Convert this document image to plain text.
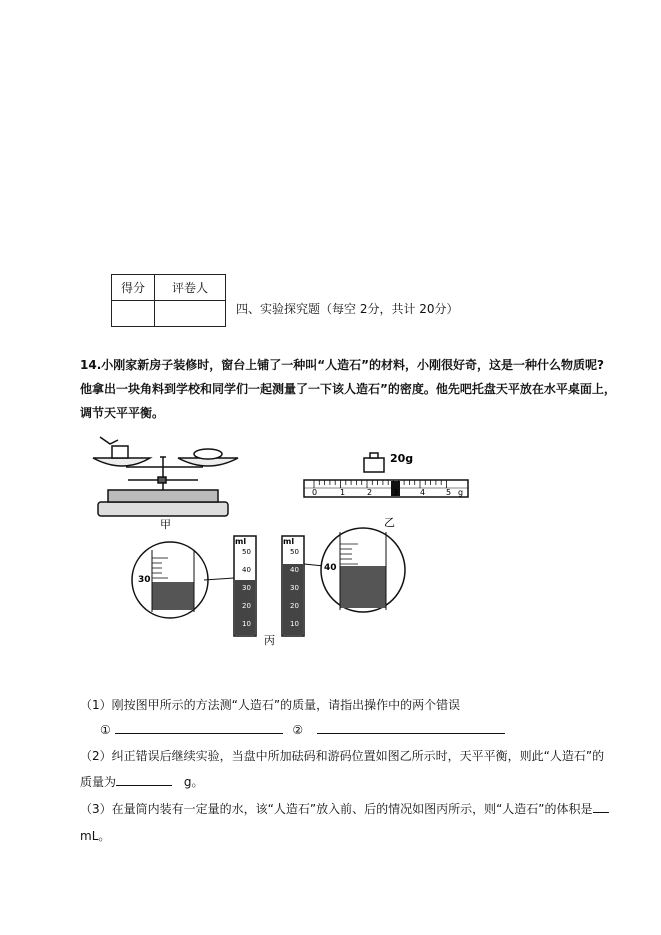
得分	评卷人

四、实验探究题（每空 2分，共计 20分）

14.小刚家新房子装修时，窗台上铺了一种叫“人造石”的材料，小刚很好奇，这是一种什么物质呢?

他拿出一块角料到学校和同学们一起测量了一下该人造石”的密度。他先吧托盘天平放在水平桌面上，

调节天平平衡。

甲
20g
0	1	2	3	4	5 g
乙
30
ml
50
40
30
20
10
ml
50
40
30
20
10
40
丙
（1）刚按图甲所示的方法测“人造石”的质量，请指出操作中的两个错误
①	②
（2）纠正错误后继续实验，当盘中所加砝码和游码位置如图乙所示时，天平平衡，则此“人造石”的
质量为	g。
（3）在量筒内装有一定量的水，该“人造石”放入前、后的情况如图丙所示，则“人造石”的体积是
mL。
